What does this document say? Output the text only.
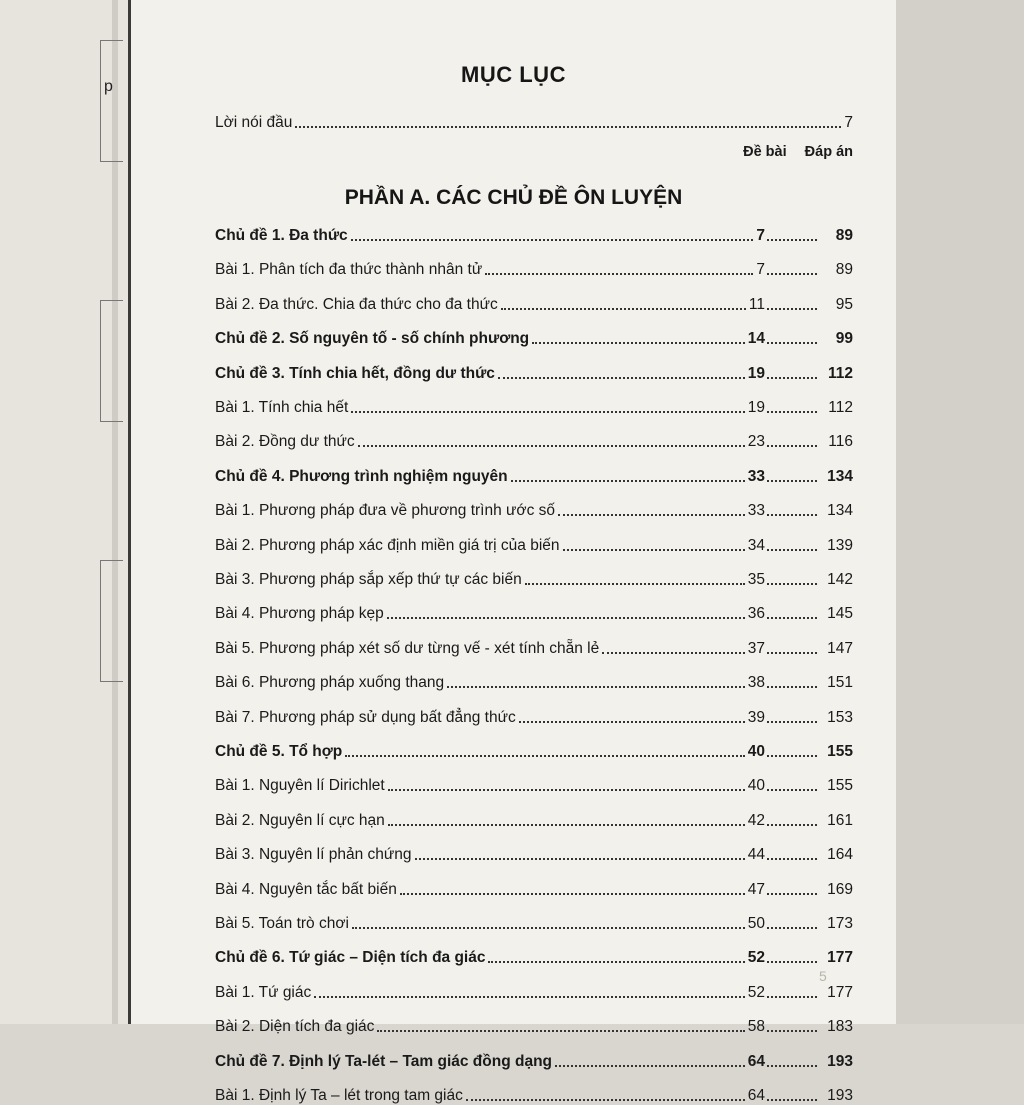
p	MỤC LỤC
Lời nói đầu	7
Đề bài Đáp án
PHẦN A. CÁC CHỦ ĐỀ ÔN LUYỆN
Chủ đề 1. Đa thức	7	89
Bài 1. Phân tích đa thức thành nhân tử	7	89
Bài 2. Đa thức. Chia đa thức cho đa thức	11	95
Chủ đề 2. Số nguyên tố - số chính phương	14	99
Chủ đề 3. Tính chia hết, đồng dư thức	19	112
Bài 1. Tính chia hết	19	112
Bài 2. Đồng dư thức	23	116
Chủ đề 4. Phương trình nghiệm nguyên	33	134
Bài 1. Phương pháp đưa về phương trình ước số	33	134
Bài 2. Phương pháp xác định miền giá trị của biến	34	139
Bài 3. Phương pháp sắp xếp thứ tự các biến	35	142
Bài 4. Phương pháp kẹp	36	145
Bài 5. Phương pháp xét số dư từng vế - xét tính chẵn lẻ	37	147
Bài 6. Phương pháp xuống thang	38	151
Bài 7. Phương pháp sử dụng bất đẳng thức	39	153
Chủ đề 5. Tổ hợp	40	155
Bài 1. Nguyên lí Dirichlet	40	155
Bài 2. Nguyên lí cực hạn	42	161
Bài 3. Nguyên lí phản chứng	44	164
Bài 4. Nguyên tắc bất biến	47	169
Bài 5. Toán trò chơi	50	173
Chủ đề 6. Tứ giác – Diện tích đa giác	52	177
Bài 1. Tứ giác	52	177
Bài 2. Diện tích đa giác	58	183
Chủ đề 7. Định lý Ta-lét – Tam giác đồng dạng	64	193
Bài 1. Định lý Ta – lét trong tam giác	64	193
5
